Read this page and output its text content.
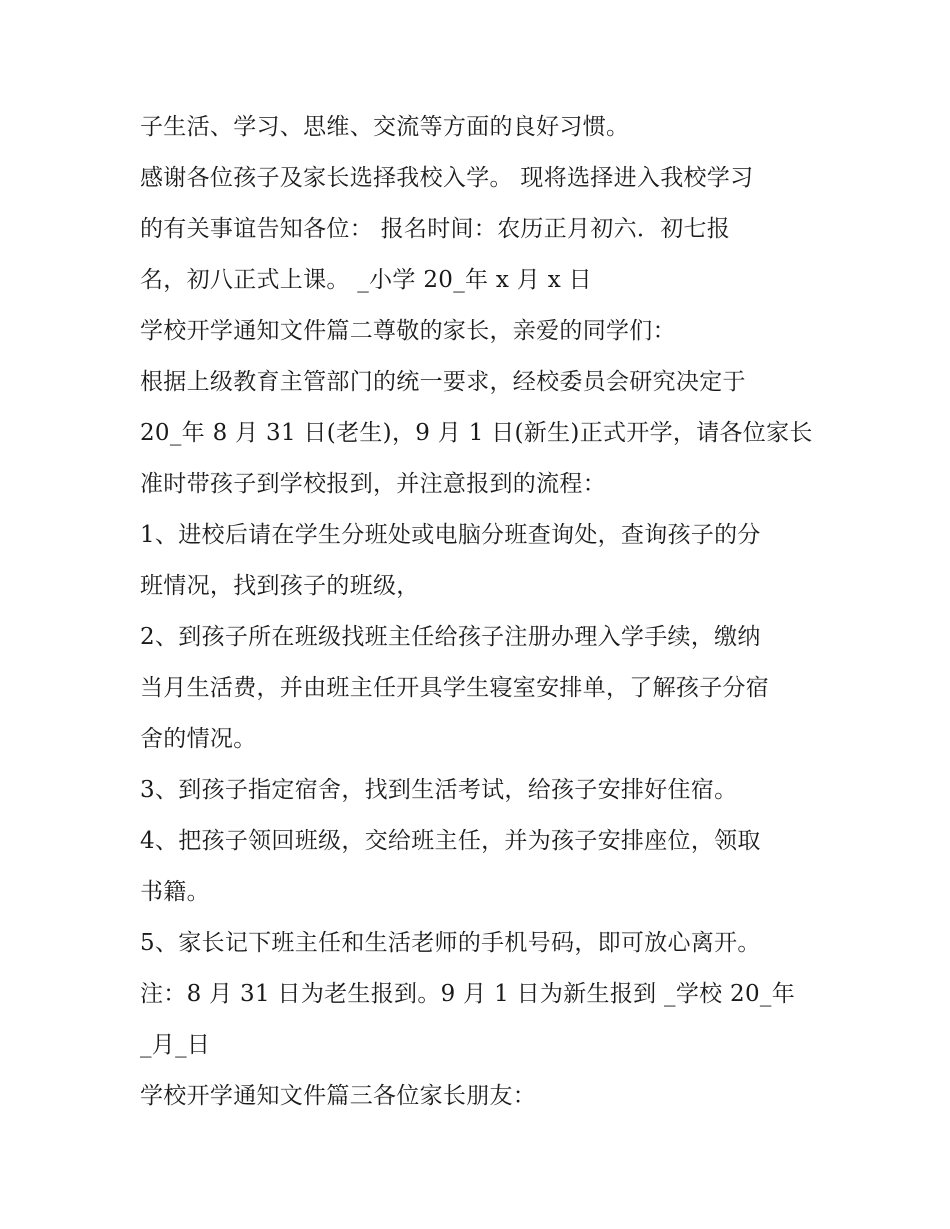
子生活、学习、思维、交流等方面的良好习惯。
感谢各位孩子及家长选择我校入学。 现将选择进入我校学习
的有关事谊告知各位： 报名时间：农历正月初六．初七报
名，初八正式上课。 _小学 20_年 x 月 x 日
学校开学通知文件篇二尊敬的家长，亲爱的同学们：
根据上级教育主管部门的统一要求，经校委员会研究决定于
20_年 8 月 31 日(老生)，9 月 1 日(新生)正式开学，请各位家长
准时带孩子到学校报到，并注意报到的流程：
1、进校后请在学生分班处或电脑分班查询处，查询孩子的分
班情况，找到孩子的班级，
2、到孩子所在班级找班主任给孩子注册办理入学手续，缴纳
当月生活费，并由班主任开具学生寝室安排单，了解孩子分宿
舍的情况。
3、到孩子指定宿舍，找到生活考试，给孩子安排好住宿。
4、把孩子领回班级，交给班主任，并为孩子安排座位，领取
书籍。
5、家长记下班主任和生活老师的手机号码，即可放心离开。
注：8 月 31 日为老生报到。9 月 1 日为新生报到 _学校 20_年
_月_日
学校开学通知文件篇三各位家长朋友：
